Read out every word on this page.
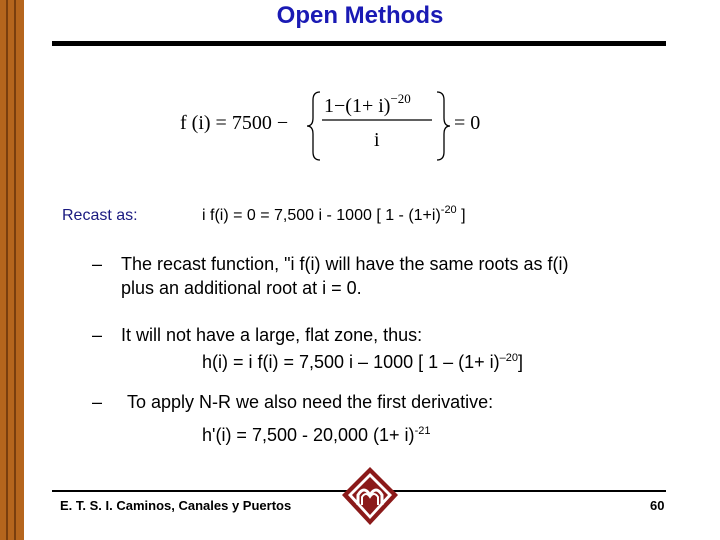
Open Methods
f (i) = 7500 −
$1-(1+ i)^{-20}$
i
= 0
Recast as:	i f(i) = 0 = 7,500 i - 1000 [ $1 - (1+i)^{-20}$ ]
– The recast function, "i f(i) will have the same roots as f(i)
plus an additional root at i = 0.
– It will not have a large, flat zone, thus:
h(i) = i f(i) = 7,500 i – 1000 [ $1 - (1+ i)^{-20}$]
– To apply N-R we also need the first derivative:
h'(i) = 7,500 - 20,000 $(1+ i)^{-21}$
E. T. S. I. Caminos, Canales y Puertos	60
